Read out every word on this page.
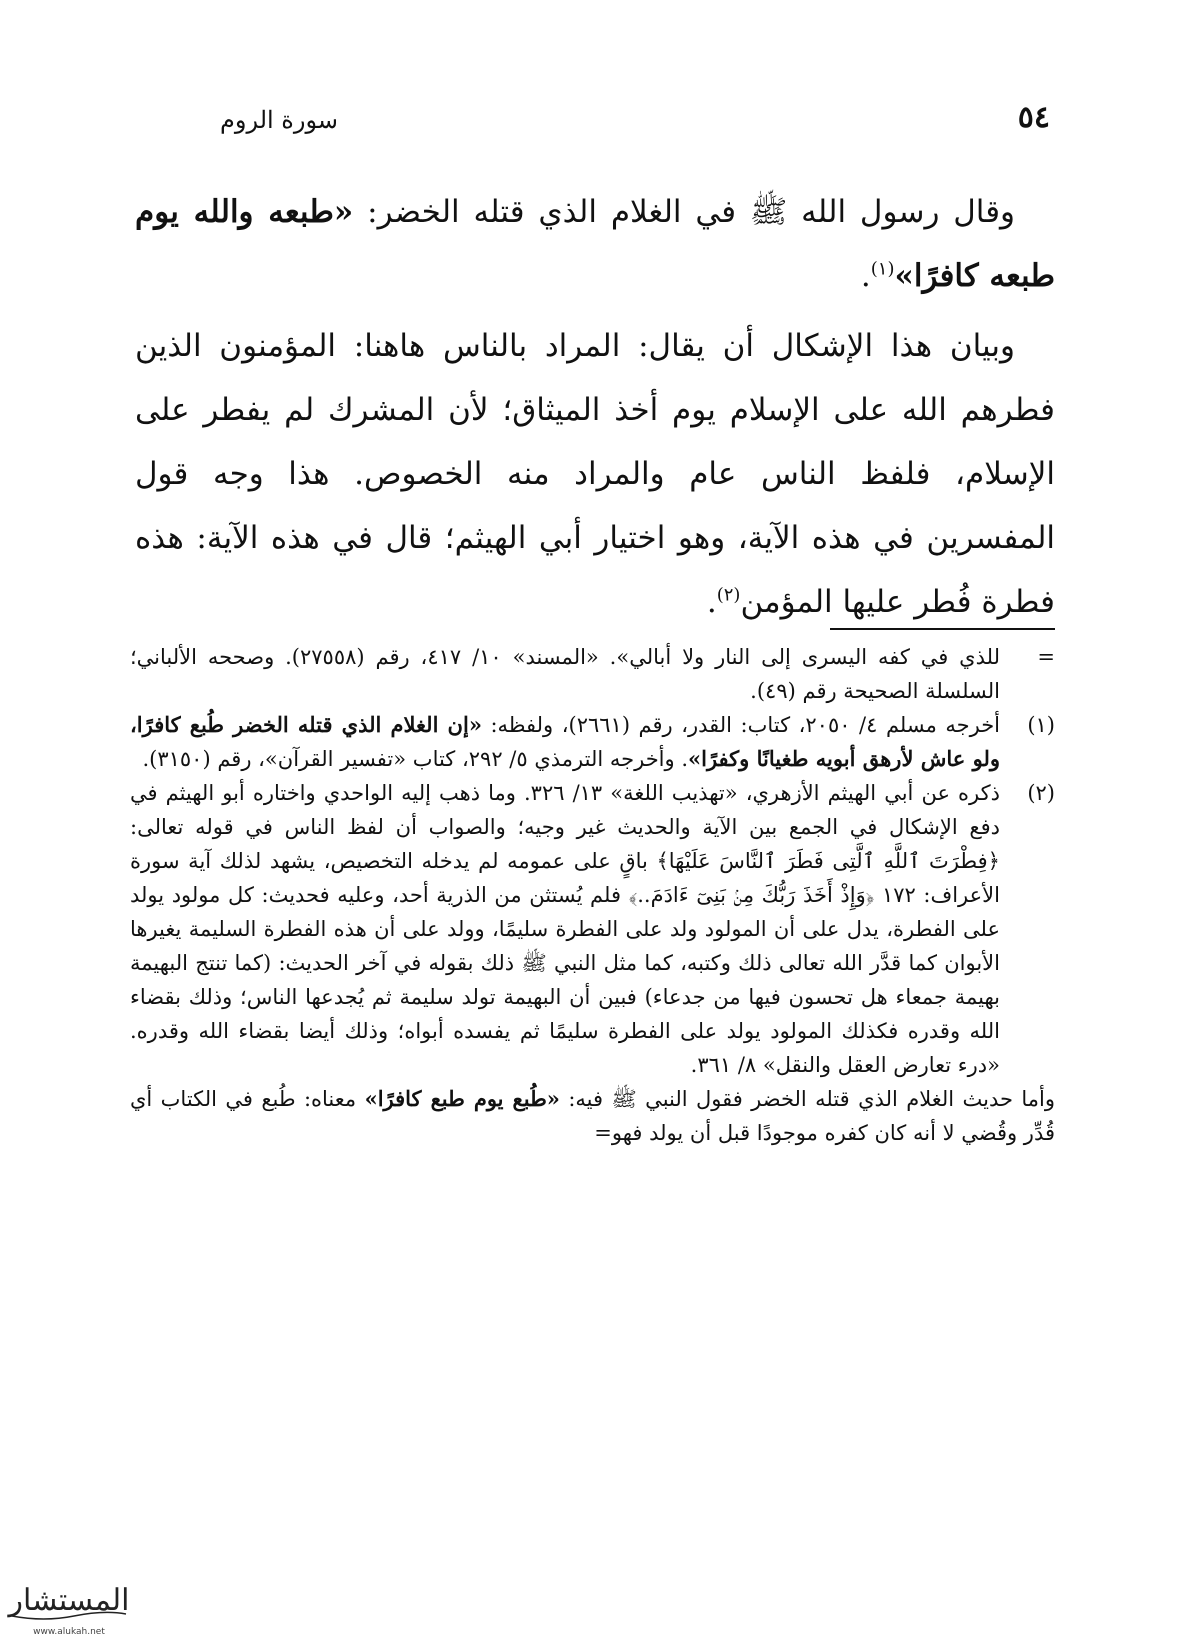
٥٤
سورة الروم

وقال رسول الله ﷺ في الغلام الذي قتله الخضر: «طبعه والله يوم طبعه كافرًا»$^{(١)}$.

وبيان هذا الإشكال أن يقال: المراد بالناس هاهنا: المؤمنون الذين فطرهم الله على الإسلام يوم أخذ الميثاق؛ لأن المشرك لم يفطر على الإسلام، فلفظ الناس عام والمراد منه الخصوص. هذا وجه قول المفسرين في هذه الآية، وهو اختيار أبي الهيثم؛ قال في هذه الآية: هذه فطرة فُطر عليها المؤمن$^{(٢)}$.

=
للذي في كفه اليسرى إلى النار ولا أبالي». «المسند» ١٠/ ٤١٧، رقم (٢٧٥٥٨). وصححه الألباني؛ السلسلة الصحيحة رقم (٤٩).
(١)
أخرجه مسلم ٤/ ٢٠٥٠، كتاب: القدر، رقم (٢٦٦١)، ولفظه: «إن الغلام الذي قتله الخضر طُبع كافرًا، ولو عاش لأرهق أبويه طغيانًا وكفرًا». وأخرجه الترمذي ٥/ ٢٩٢، كتاب «تفسير القرآن»، رقم (٣١٥٠).
(٢)
ذكره عن أبي الهيثم الأزهري، «تهذيب اللغة» ١٣/ ٣٢٦. وما ذهب إليه الواحدي واختاره أبو الهيثم في دفع الإشكال في الجمع بين الآية والحديث غير وجيه؛ والصواب أن لفظ الناس في قوله تعالى: ﴿فِطْرَتَ ٱللَّهِ ٱلَّتِى فَطَرَ ٱلنَّاسَ عَلَيْهَا﴾ باقٍ على عمومه لم يدخله التخصيص، يشهد لذلك آية سورة الأعراف: ١٧٢ ﴿وَإِذْ أَخَذَ رَبُّكَ مِنۢ بَنِىٓ ءَادَمَ..﴾ فلم يُستثن من الذرية أحد، وعليه فحديث: كل مولود يولد على الفطرة، يدل على أن المولود ولد على الفطرة سليمًا، وولد على أن هذه الفطرة السليمة يغيرها الأبوان كما قدَّر الله تعالى ذلك وكتبه، كما مثل النبي ﷺ ذلك بقوله في آخر الحديث: (كما تنتج البهيمة بهيمة جمعاء هل تحسون فيها من جدعاء) فبين أن البهيمة تولد سليمة ثم يُجدعها الناس؛ وذلك بقضاء الله وقدره فكذلك المولود يولد على الفطرة سليمًا ثم يفسده أبواه؛ وذلك أيضا بقضاء الله وقدره. «درء تعارض العقل والنقل» ٨/ ٣٦١.
وأما حديث الغلام الذي قتله الخضر فقول النبي ﷺ فيه: «طُبع يوم طبع كافرًا» معناه: طُبع في الكتاب أي قُدِّر وقُضي لا أنه كان كفره موجودًا قبل أن يولد فهو=
المستشار
www.alukah.net
